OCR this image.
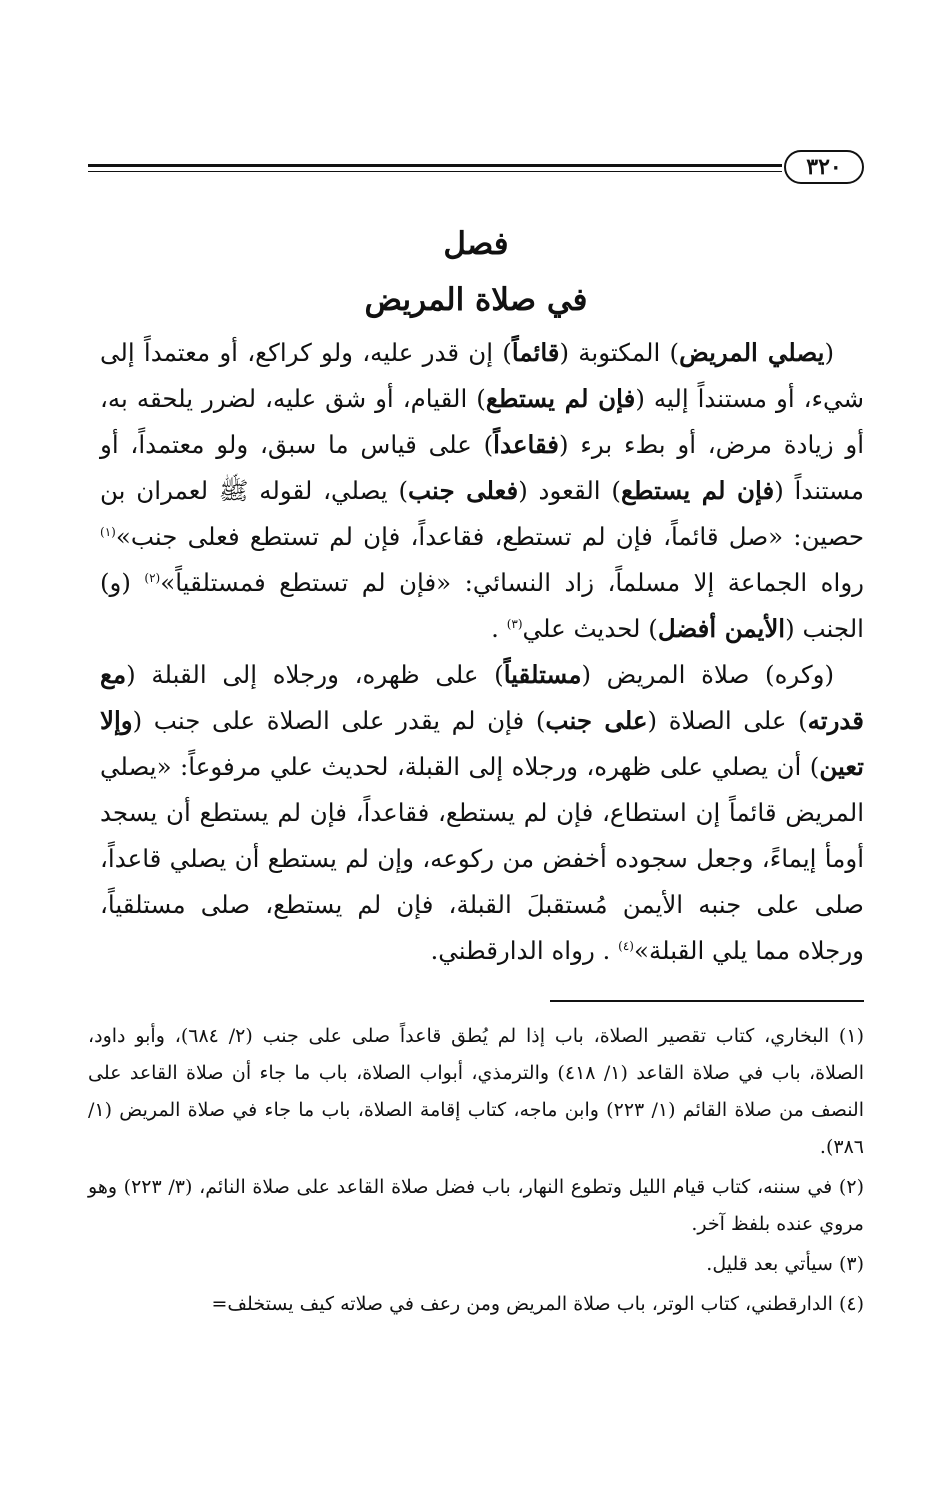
٣٢٠
فصل
في صلاة المريض

(يصلي المريض) المكتوبة (قائماً) إن قدر عليه، ولو كراكع، أو معتمداً إلى شيء، أو مستنداً إليه (فإن لم يستطع) القيام، أو شق عليه، لضرر يلحقه به، أو زيادة مرض، أو بطء برء (فقاعداً) على قياس ما سبق، ولو معتمداً، أو مستنداً (فإن لم يستطع) القعود (فعلى جنب) يصلي، لقوله ﷺ لعمران بن حصين: «صل قائماً، فإن لم تستطع، فقاعداً، فإن لم تستطع فعلى جنب»$^{(١)}$ رواه الجماعة إلا مسلماً، زاد النسائي: «فإن لم تستطع فمستلقياً»$^{(٢)}$ (و) الجنب (الأيمن أفضل) لحديث علي$^{(٣)}$ .

(وكره) صلاة المريض (مستلقياً) على ظهره، ورجلاه إلى القبلة (مع قدرته) على الصلاة (على جنب) فإن لم يقدر على الصلاة على جنب (وإلا تعين) أن يصلي على ظهره، ورجلاه إلى القبلة، لحديث علي مرفوعاً: «يصلي المريض قائماً إن استطاع، فإن لم يستطع، فقاعداً، فإن لم يستطع أن يسجد أومأ إيماءً، وجعل سجوده أخفض من ركوعه، وإن لم يستطع أن يصلي قاعداً، صلى على جنبه الأيمن مُستقبلَ القبلة، فإن لم يستطع، صلى مستلقياً، ورجلاه مما يلي القبلة»$^{(٤)}$ . رواه الدارقطني.

(١) البخاري، كتاب تقصير الصلاة، باب إذا لم يُطق قاعداً صلى على جنب (٢/ ٦٨٤)، وأبو داود، الصلاة، باب في صلاة القاعد (١/ ٤١٨) والترمذي، أبواب الصلاة، باب ما جاء أن صلاة القاعد على النصف من صلاة القائم (١/ ٢٢٣) وابن ماجه، كتاب إقامة الصلاة، باب ما جاء في صلاة المريض (١/ ٣٨٦).
(٢) في سننه، كتاب قيام الليل وتطوع النهار، باب فضل صلاة القاعد على صلاة النائم، (٣/ ٢٢٣) وهو مروي عنده بلفظ آخر.
(٣) سيأتي بعد قليل.
(٤) الدارقطني، كتاب الوتر، باب صلاة المريض ومن رعف في صلاته كيف يستخلف=
